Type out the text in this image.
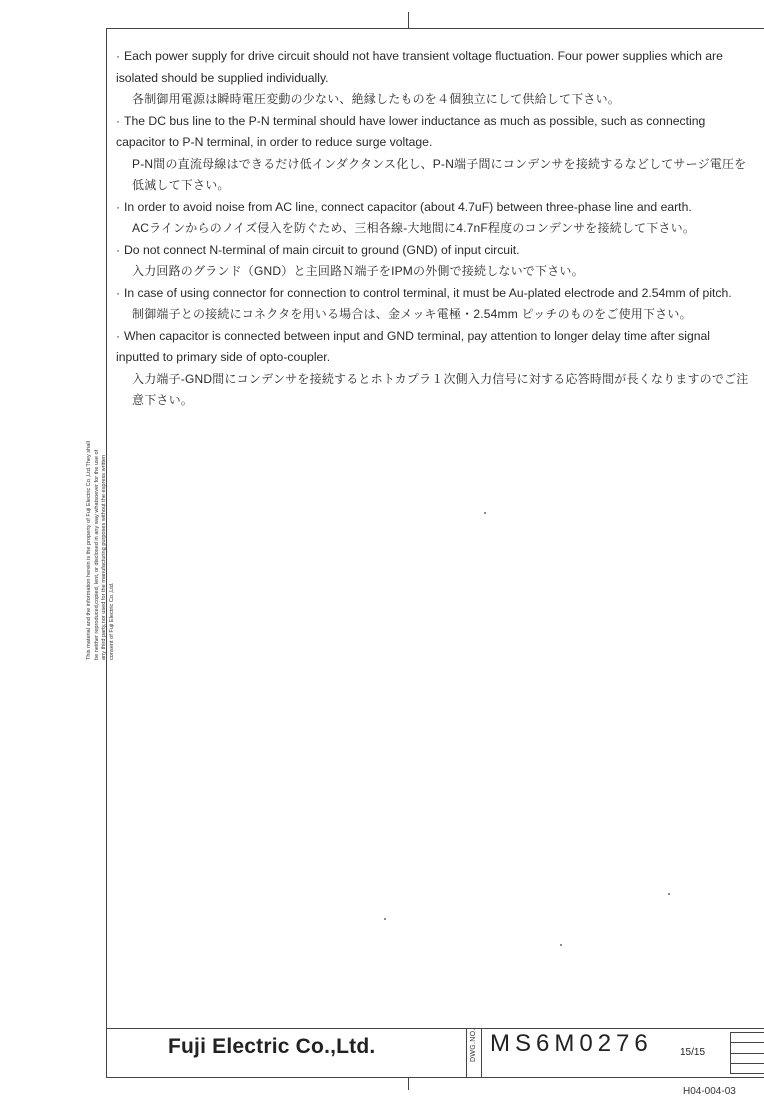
· Each power supply for drive circuit should not have transient voltage fluctuation. Four power supplies which are isolated should be supplied individually.
各制御用電源は瞬時電圧変動の少ない、絶縁したものを４個独立にして供給して下さい。
· The DC bus line to the P-N terminal should have lower inductance as much as possible, such as connecting capacitor to P-N terminal, in order to reduce surge voltage.
P-N間の直流母線はできるだけ低インダクタンス化し、P-N端子間にコンデンサを接続するなどしてサージ電圧を低減して下さい。
· In order to avoid noise from AC line, connect capacitor (about 4.7uF) between three-phase line and earth.
ACラインからのノイズ侵入を防ぐため、三相各線-大地間に4.7nF程度のコンデンサを接続して下さい。
· Do not connect N-terminal of main circuit to ground (GND) of input circuit.
入力回路のグランド（GND）と主回路Ｎ端子をIPMの外側で接続しないで下さい。
· In case of using connector for connection to control terminal, it must be Au-plated electrode and 2.54mm of pitch.
制御端子との接続にコネクタを用いる場合は、金メッキ電極・2.54mm ピッチのものをご使用下さい。
· When capacitor is connected between input and GND terminal, pay attention to longer delay time after signal inputted to primary side of opto-coupler.
入力端子-GND間にコンデンサを接続するとホトカプラ１次側入力信号に対する応答時間が長くなりますのでご注意下さい。
This material and the information herein is the property of Fuji Electric Co.,Ltd.They shall be neither reproduced,copied, lent, or disclosed in any way whatsoever for the use of any third party,nor used for the manufacturing purposes without the express written consent of Fuji Electric Co.,Ltd.
Fuji Electric Co.,Ltd.	DWG.NO. MS6M0276	15/15
H04-004-03
